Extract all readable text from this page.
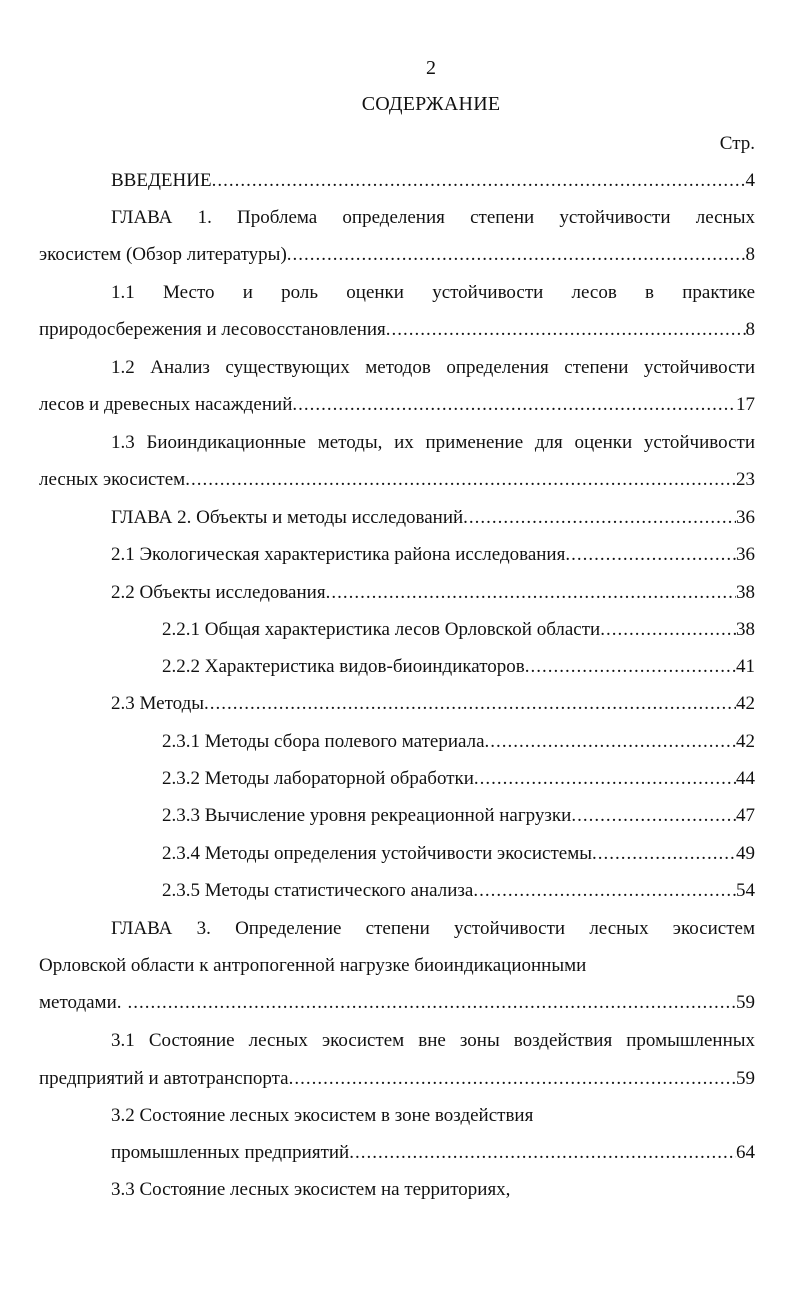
2
СОДЕРЖАНИЕ
Стр.
ВВЕДЕНИЕ .....	4
ГЛАВА 1. Проблема определения степени устойчивости лесных
экосистем (Обзор литературы) .....	8
1.1 Место и роль оценки устойчивости лесов в практике
природосбережения и лесовосстановления .....	8
1.2 Анализ существующих методов определения степени устойчивости
лесов и древесных насаждений .....	17
1.3 Биоиндикационные методы, их применение для оценки устойчивости
лесных экосистем .....	23
ГЛАВА 2. Объекты и методы исследований .....	36
2.1 Экологическая характеристика района исследования .....	36
2.2 Объекты исследования .....	38
2.2.1 Общая характеристика лесов Орловской области .....	38
2.2.2 Характеристика видов-биоиндикаторов .....	41
2.3 Методы .....	42
2.3.1 Методы сбора полевого материала .....	42
2.3.2 Методы лабораторной обработки .....	44
2.3.3 Вычисление уровня рекреационной нагрузки .....	47
2.3.4 Методы определения устойчивости экосистемы .....	49
2.3.5 Методы статистического анализа .....	54
ГЛАВА 3. Определение степени устойчивости лесных экосистем
Орловской области к антропогенной нагрузке биоиндикационными
методами. .....	59
3.1 Состояние лесных экосистем вне зоны воздействия промышленных
предприятий и автотранспорта .....	59
3.2 Состояние лесных экосистем в зоне воздействия
промышленных предприятий .....	64
3.3 Состояние лесных экосистем на территориях,
